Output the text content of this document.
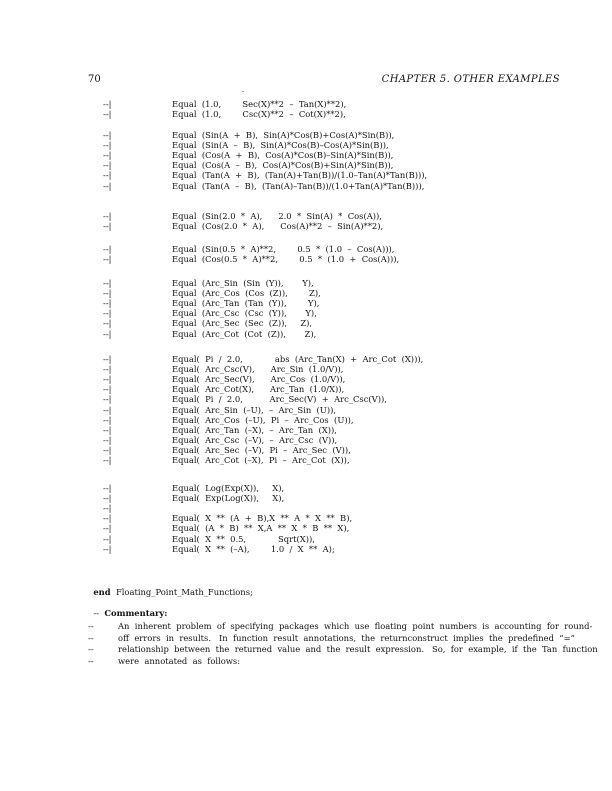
70	CHAPTER 5. OTHER EXAMPLES
--|	Equal  (1.0,        Sec(X)**2  –  Tan(X)**2),
--|	Equal  (1.0,        Csc(X)**2  –  Cot(X)**2),
--|	Equal  (Sin(A  +  B),  Sin(A)*Cos(B)+Cos(A)*Sin(B)),
--|	Equal  (Sin(A  –  B),  Sin(A)*Cos(B)–Cos(A)*Sin(B)),
--|	Equal  (Cos(A  +  B),  Cos(A)*Cos(B)–Sin(A)*Sin(B)),
--|	Equal  (Cos(A  –  B),  Cos(A)*Cos(B)+Sin(A)*Sin(B)),
--|	Equal  (Tan(A  +  B),  (Tan(A)+Tan(B))/(1.0–Tan(A)*Tan(B))),
--|	Equal  (Tan(A  –  B),  (Tan(A)–Tan(B))/(1.0+Tan(A)*Tan(B))),
--|	Equal  (Sin(2.0  *  A),      2.0  *  Sin(A)  *  Cos(A)),
--|	Equal  (Cos(2.0  *  A),      Cos(A)**2  –  Sin(A)**2),
--|	Equal  (Sin(0.5  *  A)**2,        0.5  *  (1.0  –  Cos(A))),
--|	Equal  (Cos(0.5  *  A)**2,        0.5  *  (1.0  +  Cos(A))),
--|	Equal  (Arc_Sin  (Sin  (Y)),       Y),
--|	Equal  (Arc_Cos  (Cos  (Z)),        Z),
--|	Equal  (Arc_Tan  (Tan  (Y)),        Y),
--|	Equal  (Arc_Csc  (Csc  (Y)),       Y),
--|	Equal  (Arc_Sec  (Sec  (Z)),     Z),
--|	Equal  (Arc_Cot  (Cot  (Z)),       Z),
--|	Equal(  Pi  /  2.0,            abs  (Arc_Tan(X)  +  Arc_Cot  (X))),
--|	Equal(  Arc_Csc(V),      Arc_Sin  (1.0/V)),
--|	Equal(  Arc_Sec(V),      Arc_Cos  (1.0/V)),
--|	Equal(  Arc_Cot(X),      Arc_Tan  (1.0/X)),
--|	Equal(  Pi  /  2.0,          Arc_Sec(V)  +  Arc_Csc(V)),
--|	Equal(  Arc_Sin  (–U),  –  Arc_Sin  (U)),
--|	Equal(  Arc_Cos  (–U),  Pi  –  Arc_Cos  (U)),
--|	Equal(  Arc_Tan  (–X),  –  Arc_Tan  (X)),
--|	Equal(  Arc_Csc  (–V),  –  Arc_Csc  (V)),
--|	Equal(  Arc_Sec  (–V),  Pi  –  Arc_Sec  (V)),
--|	Equal(  Arc_Cot  (–X),  Pi  –  Arc_Cot  (X)),
--|	Equal(  Log(Exp(X)),     X),
--|	Equal(  Exp(Log(X)),     X),
--|
--|	Equal(  X  **  (A  +  B),X  **  A  *  X  **  B),
--|	Equal(  (A  *  B)  **  X,A  **  X  *  B  **  X),
--|	Equal(  X  **  0.5,            Sqrt(X)),
--|	Equal(  X  **  (–A),        1.0  /  X  **  A);

end Floating_Point_Math_Functions;

-- Commentary:

--	An  inherent  problem  of  specifying  packages  which  use  floating  point  numbers  is  accounting  for  round-
--	off  errors  in  results.   In  function  result  annotations,  the  returnconstruct  implies  the  predefined  “=”
--	relationship  between  the  returned  value  and  the  result  expression.   So,  for  example,  if  the  Tan  function
--	were  annotated  as  follows:
